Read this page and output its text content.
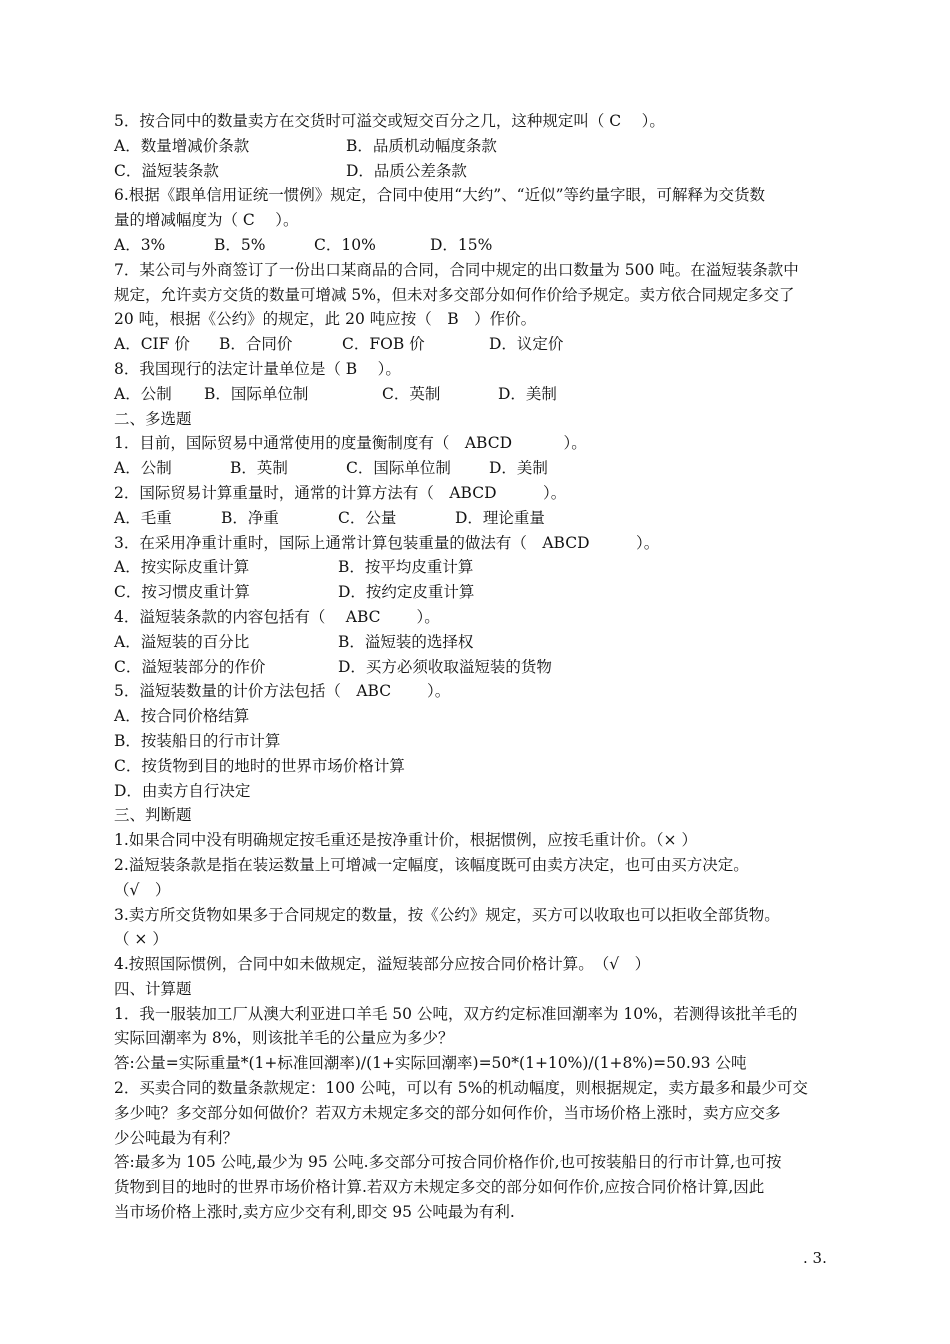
5．按合同中的数量卖方在交货时可溢交或短交百分之几，这种规定叫（ C　 ）。
A．数量增减价条款	B．品质机动幅度条款
C．溢短装条款	D．品质公差条款
6.根据《跟单信用证统一惯例》规定，合同中使用“大约”、“近似”等约量字眼，可解释为交货数
量的增减幅度为（ C　 ）。
A．3%	B．5%	C．10%	D．15%
7．某公司与外商签订了一份出口某商品的合同，合同中规定的出口数量为 500 吨。在溢短装条款中
规定，允许卖方交货的数量可增减 5%，但未对多交部分如何作价给予规定。卖方依合同规定多交了
20 吨，根据《公约》的规定，此 20 吨应按（　B　）作价。
A．CIF 价 B．合同价	C．FOB 价	D．议定价
8．我国现行的法定计量单位是（ B　 ）。
A．公制 B．国际单位制	C．英制	D．美制
二、多选题
1．目前，国际贸易中通常使用的度量衡制度有（　ABCD　　　 ）。
A．公制	B．英制	C．国际单位制 D．美制
2．国际贸易计算重量时，通常的计算方法有（　ABCD　　　）。
A．毛重	B．净重	C．公量	D．理论重量
3．在采用净重计重时，国际上通常计算包装重量的做法有（　ABCD　　　）。
A．按实际皮重计算	B．按平均皮重计算
C．按习惯皮重计算	D．按约定皮重计算
4．溢短装条款的内容包括有（　 ABC　　 ）。
A．溢短装的百分比	B．溢短装的选择权
C．溢短装部分的作价	D．买方必须收取溢短装的货物
5．溢短装数量的计价方法包括（　ABC　　 ）。
A．按合同价格结算
B．按装船日的行市计算
C．按货物到目的地时的世界市场价格计算
D．由卖方自行决定
三、判断题
1.如果合同中没有明确规定按毛重还是按净重计价，根据惯例，应按毛重计价。（× ）
2.溢短装条款是指在装运数量上可增减一定幅度，该幅度既可由卖方决定，也可由买方决定。
（√　）
3.卖方所交货物如果多于合同规定的数量，按《公约》规定，买方可以收取也可以拒收全部货物。
（ × ）
4.按照国际惯例，合同中如未做规定，溢短装部分应按合同价格计算。　（√　）
四、计算题
1．我一服装加工厂从澳大利亚进口羊毛 50 公吨，双方约定标准回潮率为 10%，若测得该批羊毛的
实际回潮率为 8%，则该批羊毛的公量应为多少？
答:公量=实际重量*(1+标准回潮率)/(1+实际回潮率)=50*(1+10%)/(1+8%)=50.93 公吨
2．买卖合同的数量条款规定：100 公吨，可以有 5%的机动幅度，则根据规定，卖方最多和最少可交
多少吨？多交部分如何做价？若双方未规定多交的部分如何作价，当市场价格上涨时，卖方应交多
少公吨最为有利？
答:最多为 105 公吨,最少为 95 公吨.多交部分可按合同价格作价,也可按装船日的行市计算,也可按
货物到目的地时的世界市场价格计算.若双方未规定多交的部分如何作价,应按合同价格计算,因此
当市场价格上涨时,卖方应少交有利,即交 95 公吨最为有利.
. 3.
